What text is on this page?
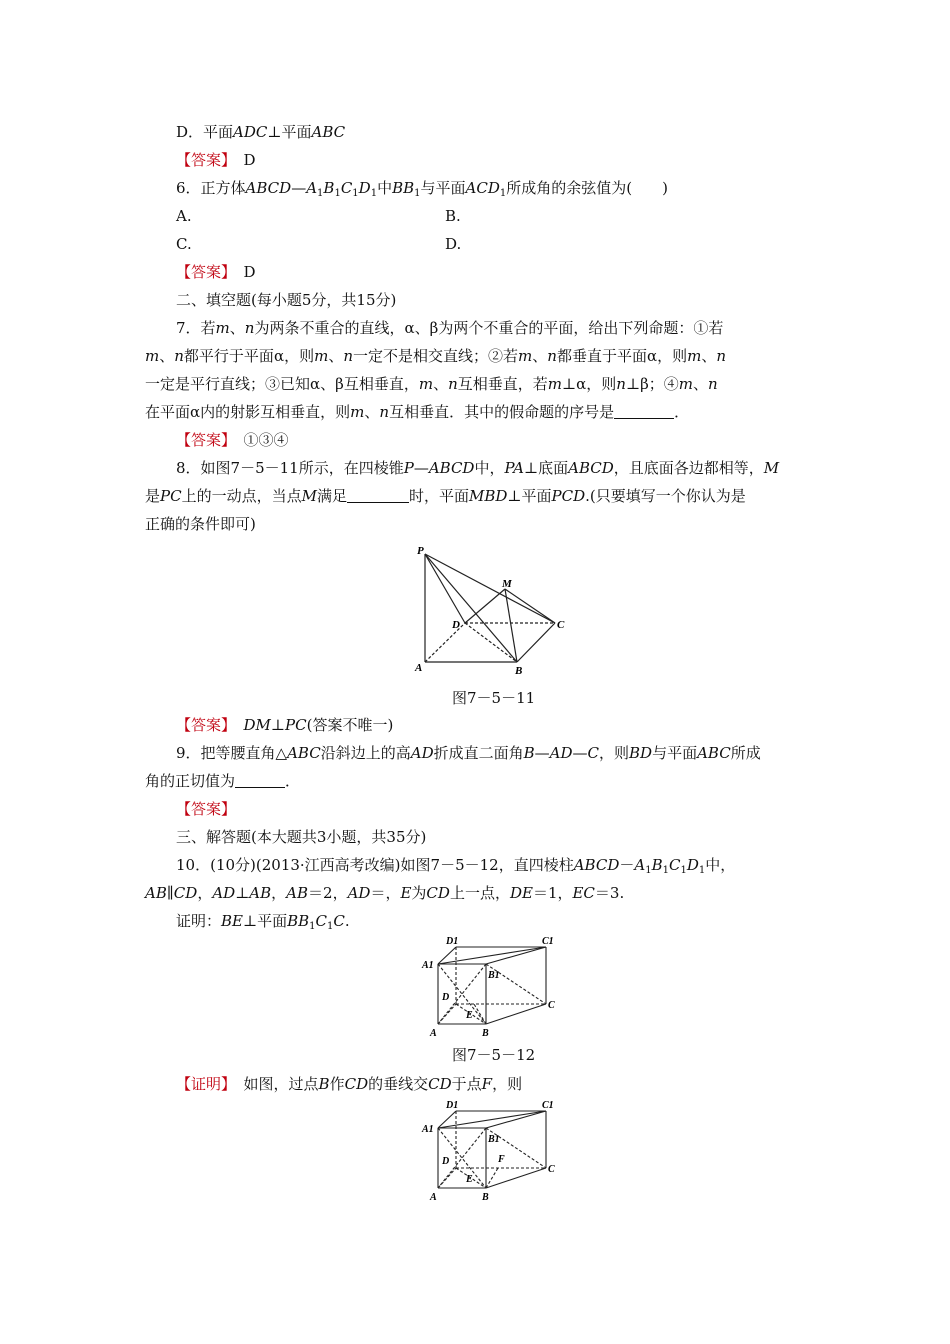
D．平面ADC⊥平面ABC
【答案】　 D
6．正方体$ABCD—A_1B_1C_1D_1$中$BB_1$与平面$ACD_1$所成角的余弦值为(　　)
A.	B.
C.	D.
【答案】　 D
二、填空题(每小题5分，共15分)
7．若m、n为两条不重合的直线，α、β为两个不重合的平面，给出下列命题：①若
m、n都平行于平面α，则m、n一定不是相交直线；②若m、n都垂直于平面α，则m、n
一定是平行直线；③已知α、β互相垂直，m、n互相垂直，若m⊥α，则n⊥β；④m、n
在平面α内的射影互相垂直，则m、n互相垂直．其中的假命题的序号是	．
【答案】　 ①③④
8．如图7－5－11所示，在四棱锥P—ABCD中，PA⊥底面ABCD，且底面各边都相等，M
是PC上的一动点，当点M满足	时，平面MBD⊥平面PCD.(只要填写一个你认为是
正确的条件即可)
P
M
D	C
A	B
图7－5－11
【答案】　 DM⊥PC(答案不唯一)
9．把等腰直角△ABC沿斜边上的高AD折成直二面角B—AD—C，则BD与平面ABC所成
角的正切值为	．
【答案】
三、解答题(本大题共3小题，共35分)
10．(10分)(2013·江西高考改编)如图7－5－12，直四棱柱$ABCD-A_1B_1C_1D_1$中，
AB∥CD，AD⊥AB，AB＝2，AD＝，E为CD上一点，DE＝1，EC＝3.
证明：BE⊥平面$BB_1C_1C$.
D1	C1
A1
B1
D
C
E
A	B
图7－5－12
【证明】　 如图，过点B作CD的垂线交CD于点F，则
D1	C1
A1
B1
F
D
C
E
A	B
